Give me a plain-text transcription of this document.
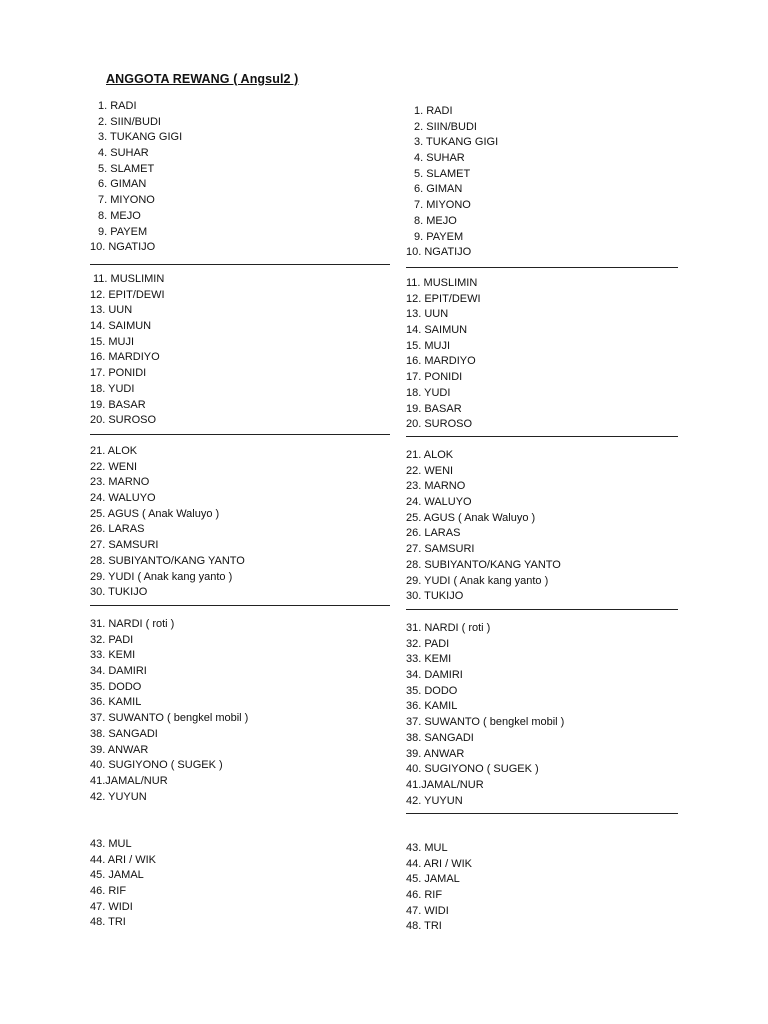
ANGGOTA REWANG ( Angsul2 )
1. RADI
2. SIIN/BUDI
3. TUKANG GIGI
4. SUHAR
5. SLAMET
6. GIMAN
7. MIYONO
8. MEJO
9. PAYEM
10. NGATIJO
11. MUSLIMIN
12. EPIT/DEWI
13. UUN
14. SAIMUN
15. MUJI
16. MARDIYO
17. PONIDI
18. YUDI
19. BASAR
20. SUROSO
21. ALOK
22. WENI
23. MARNO
24. WALUYO
25. AGUS ( Anak Waluyo )
26. LARAS
27. SAMSURI
28. SUBIYANTO/KANG YANTO
29. YUDI ( Anak kang yanto )
30. TUKIJO
31. NARDI ( roti )
32. PADI
33. KEMI
34. DAMIRI
35. DODO
36. KAMIL
37. SUWANTO ( bengkel mobil )
38. SANGADI
39. ANWAR
40. SUGIYONO ( SUGEK )
41.JAMAL/NUR
42. YUYUN
43. MUL
44. ARI / WIK
45. JAMAL
46. RIF
47. WIDI
48. TRI
1. RADI
2. SIIN/BUDI
3. TUKANG GIGI
4. SUHAR
5. SLAMET
6. GIMAN
7. MIYONO
8. MEJO
9. PAYEM
10. NGATIJO
11. MUSLIMIN
12. EPIT/DEWI
13. UUN
14. SAIMUN
15. MUJI
16. MARDIYO
17. PONIDI
18. YUDI
19. BASAR
20. SUROSO
21. ALOK
22. WENI
23. MARNO
24. WALUYO
25. AGUS ( Anak Waluyo )
26. LARAS
27. SAMSURI
28. SUBIYANTO/KANG YANTO
29. YUDI ( Anak kang yanto )
30. TUKIJO
31. NARDI ( roti )
32. PADI
33. KEMI
34. DAMIRI
35. DODO
36. KAMIL
37. SUWANTO ( bengkel mobil )
38. SANGADI
39. ANWAR
40. SUGIYONO ( SUGEK )
41.JAMAL/NUR
42. YUYUN
43. MUL
44. ARI / WIK
45. JAMAL
46. RIF
47. WIDI
48. TRI
